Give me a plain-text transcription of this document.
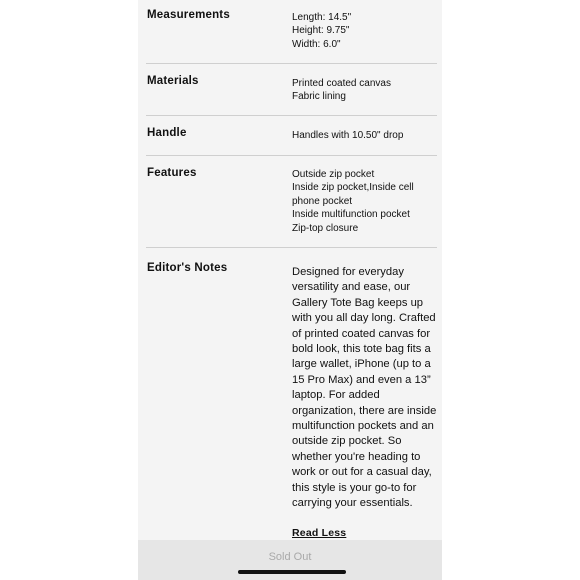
Measurements	Length: 14.5"
Height: 9.75"
Width: 6.0"
Materials	Printed coated canvas
Fabric lining
Handle	Handles with 10.50" drop
Features	Outside zip pocket
Inside zip pocket,Inside cell phone pocket
Inside multifunction pocket
Zip-top closure
Editor's Notes	Designed for everyday versatility and ease, our Gallery Tote Bag keeps up with you all day long. Crafted of printed coated canvas for bold look, this tote bag fits a large wallet, iPhone (up to a 15 Pro Max) and even a 13” laptop. For added organization, there are inside multifunction pockets and an outside zip pocket. So whether you're heading to work or out for a casual day, this style is your go-to for carrying your essentials.
Read Less
Sold Out
